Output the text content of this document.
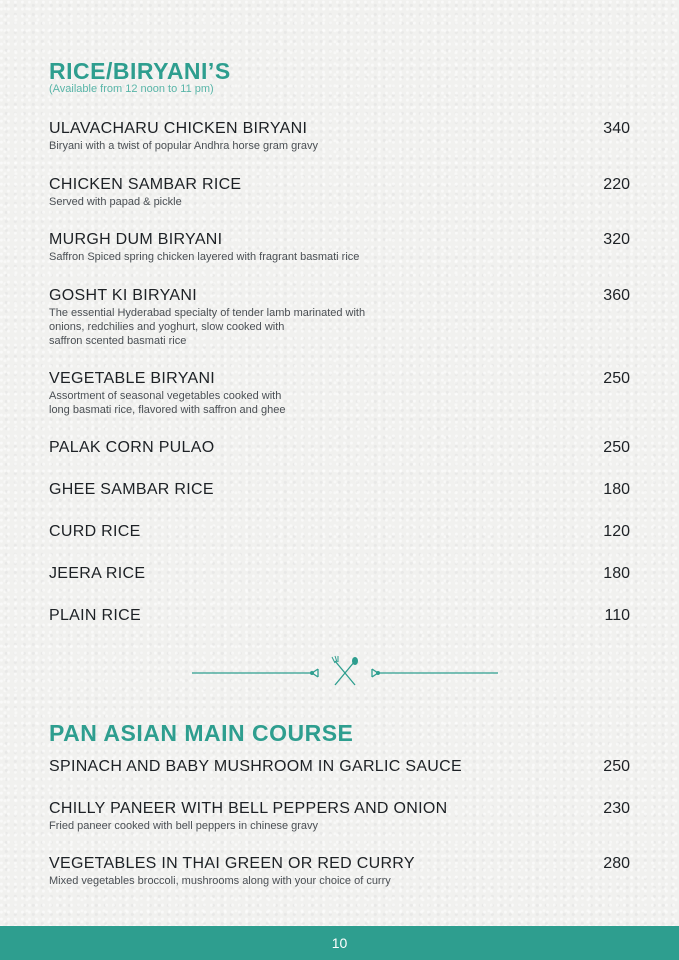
RICE/BIRYANI’S
(Available from 12 noon to 11 pm)
ULAVACHARU CHICKEN BIRYANI	340
Biryani with a twist of popular Andhra horse gram gravy
CHICKEN SAMBAR RICE	220
Served with papad & pickle
MURGH DUM BIRYANI	320
Saffron Spiced spring chicken layered with fragrant basmati rice
GOSHT KI BIRYANI	360
The essential Hyderabad specialty of tender lamb marinated with
onions, redchilies and yoghurt, slow cooked with
saffron scented basmati rice
VEGETABLE BIRYANI	250
Assortment of seasonal vegetables cooked with
long basmati rice, flavored with saffron and ghee
PALAK CORN PULAO	250
GHEE SAMBAR RICE	180
CURD RICE	120
JEERA RICE	180
PLAIN RICE	110
PAN ASIAN MAIN COURSE
SPINACH AND BABY MUSHROOM IN GARLIC SAUCE	250
CHILLY PANEER WITH BELL PEPPERS AND ONION	230
Fried paneer cooked with bell peppers in chinese gravy
VEGETABLES IN THAI GREEN OR RED CURRY	280
Mixed vegetables broccoli, mushrooms along with your choice of curry
10
